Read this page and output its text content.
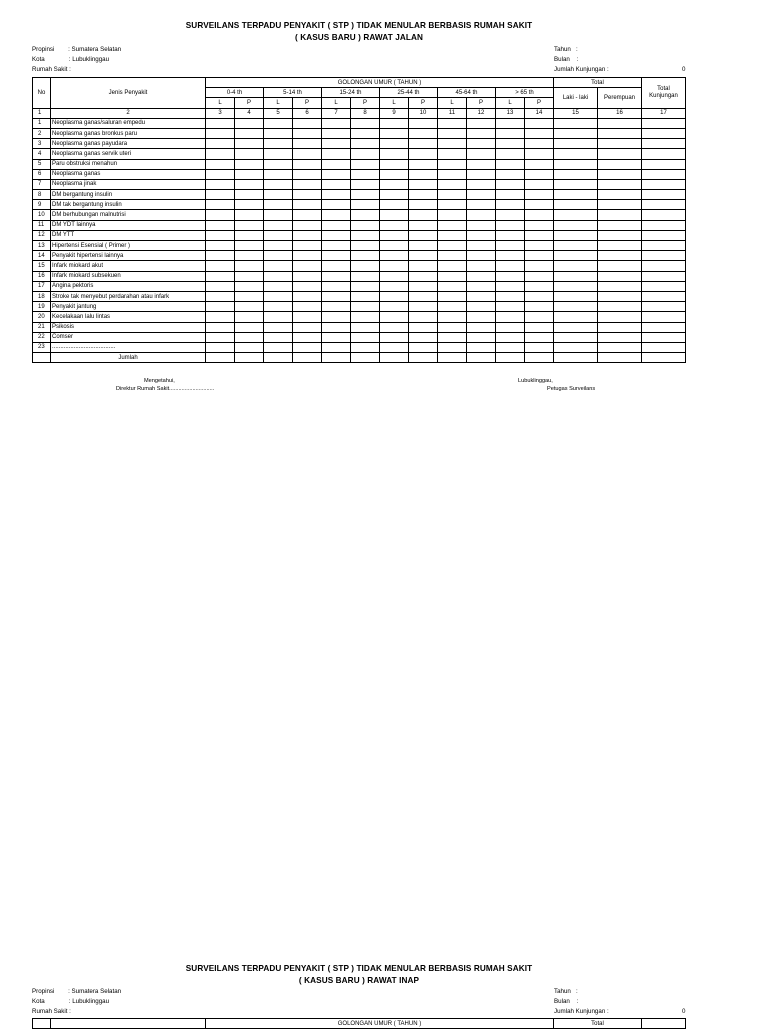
SURVEILANS TERPADU PENYAKIT ( STP ) TIDAK MENULAR BERBASIS RUMAH SAKIT
( KASUS BARU ) RAWAT JALAN
Propinsi        : Sumatera Selatan
Kota              : Lubuklinggau
Rumah Sakit :
Tahun   :
Bulan    :
Jumlah Kunjungan :	0
No	Jenis Penyakit	GOLONGAN UMUR ( TAHUN )												Total		Total
Kunjungan
		0-4 th		5-14 th		15-24 th		25-44 th		45-64 th		> 65 th		Laki - laki	Perempuan	
		L	P	L	P	L	P	L	P	L	P	L	P			
1	2	3	4	5	6	7	8	9	10	11	12	13	14	15	16	17
1	Neoplasma ganas/saluran empedu															
2	Neoplasma ganas bronkus paru															
3	Neoplasma ganas payudara															
4	Neoplasma ganas servik uteri															
5	Paru obstruksi menahun															
6	Neoplasma ganas															
7	Neoplasma jinak															
8	DM bergantung insulin															
9	DM tak bergantung insulin															
10	DM berhubungan malnutrisi															
11	DM YDT lainnya															
12	DM YTT															
13	Hipertensi Esensial ( Primer )															
14	Penyakit hipertensi lainnya															
15	Infark miokard akut															
16	Infark miokard subsekuen															
17	Angina pektoris															
18	Stroke tak menyebut perdarahan atau infark															
19	Penyakit jantung															
20	Kecelakaan lalu lintas															
21	Psikosis															
22	Comser															
23	......................................															
	Jumlah															
Mengetahui,
Direktur Rumah Sakit.............................
Lubuklinggau,
Petugas Surveilans
SURVEILANS TERPADU PENYAKIT ( STP ) TIDAK MENULAR BERBASIS RUMAH SAKIT
( KASUS BARU ) RAWAT INAP
Propinsi        : Sumatera Selatan
Kota              : Lubuklinggau
Rumah Sakit :
Tahun   :
Bulan    :
Jumlah Kunjungan :	0
		GOLONGAN UMUR ( TAHUN )	Total	
